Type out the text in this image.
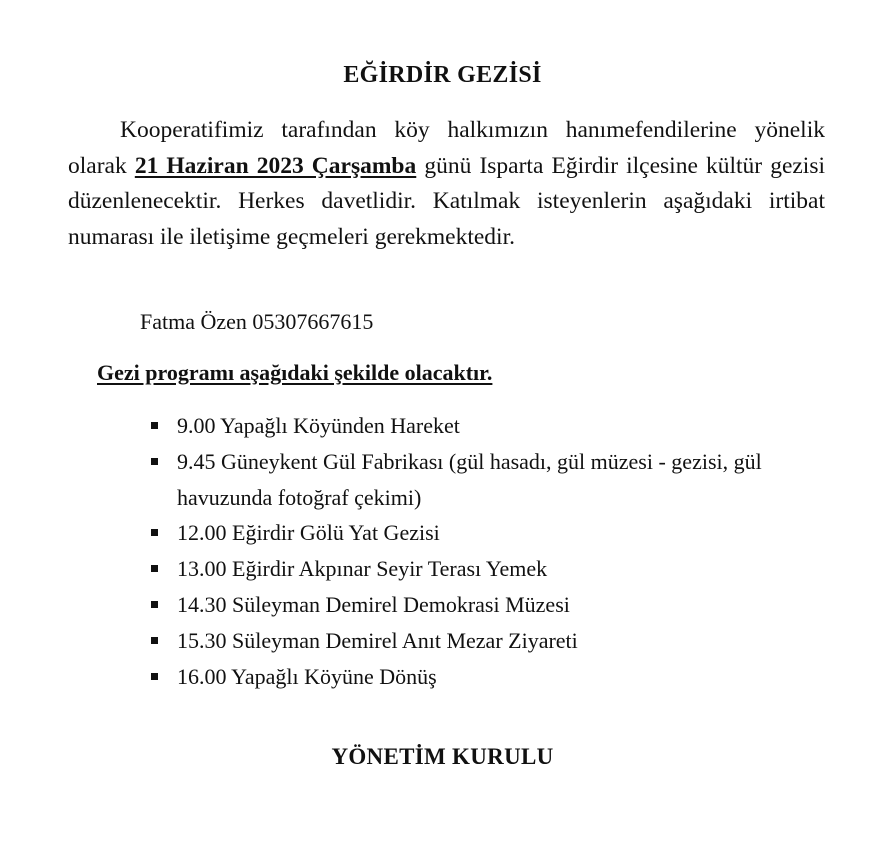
EĞİRDİR GEZİSİ

Kooperatifimiz tarafından köy halkımızın hanımefendilerine yönelik olarak 21 Haziran 2023 Çarşamba günü Isparta Eğirdir ilçesine kültür gezisi düzenlenecektir. Herkes davetlidir. Katılmak isteyenlerin aşağıdaki irtibat numarası ile iletişime geçmeleri gerekmektedir.

Fatma Özen 05307667615
Gezi programı aşağıdaki şekilde olacaktır.
9.00 Yapağlı Köyünden Hareket
9.45 Güneykent Gül Fabrikası (gül hasadı, gül müzesi - gezisi, gül havuzunda fotoğraf çekimi)
12.00 Eğirdir Gölü Yat Gezisi
13.00 Eğirdir Akpınar Seyir Terası Yemek
14.30 Süleyman Demirel Demokrasi Müzesi
15.30 Süleyman Demirel Anıt Mezar Ziyareti
16.00 Yapağlı Köyüne Dönüş
YÖNETİM KURULU
